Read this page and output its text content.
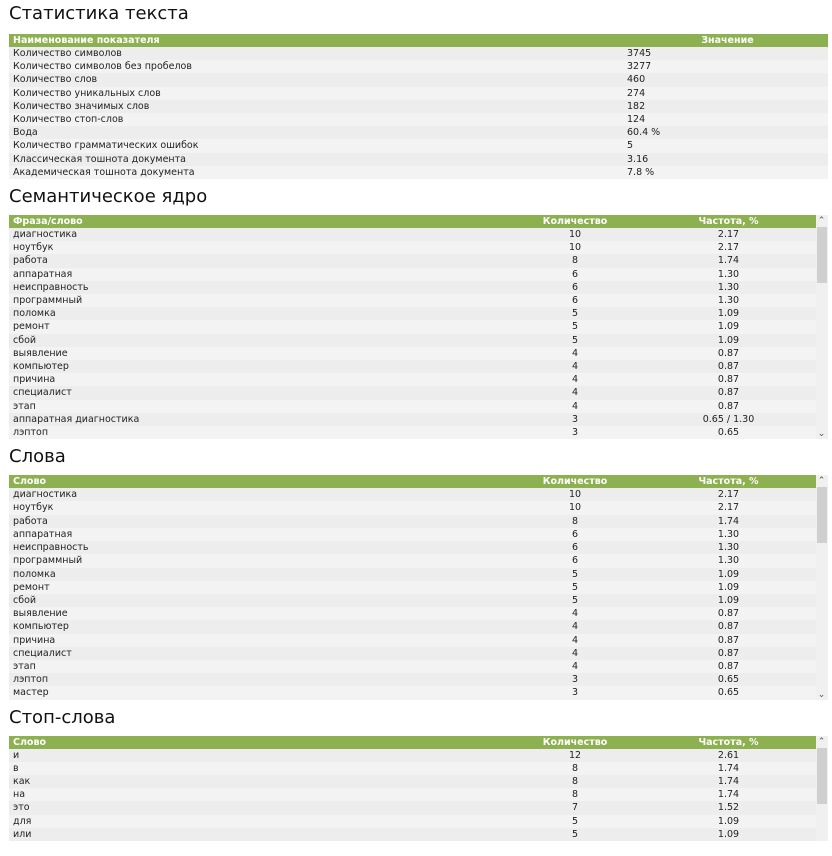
Статистика текста
Наименование показателя	Значение
Количество символов	3745
Количество символов без пробелов	3277
Количество слов	460
Количество уникальных слов	274
Количество значимых слов	182
Количество стоп-слов	124
Вода	60.4 %
Количество грамматических ошибок	5
Классическая тошнота документа	3.16
Академическая тошнота документа	7.8 %
Семантическое ядро
Фраза/слово	Количество	Частота, %
диагностика	10	2.17
ноутбук	10	2.17
работа	8	1.74
аппаратная	6	1.30
неисправность	6	1.30
программный	6	1.30
поломка	5	1.09
ремонт	5	1.09
сбой	5	1.09
выявление	4	0.87
компьютер	4	0.87
причина	4	0.87
специалист	4	0.87
этап	4	0.87
аппаратная диагностика	3	0.65 / 1.30
лэптоп	3	0.65
⌃
⌄
Слова
Слово	Количество	Частота, %
диагностика	10	2.17
ноутбук	10	2.17
работа	8	1.74
аппаратная	6	1.30
неисправность	6	1.30
программный	6	1.30
поломка	5	1.09
ремонт	5	1.09
сбой	5	1.09
выявление	4	0.87
компьютер	4	0.87
причина	4	0.87
специалист	4	0.87
этап	4	0.87
лэптоп	3	0.65
мастер	3	0.65
⌃
⌄
Стоп-слова
Слово	Количество	Частота, %
и	12	2.61
в	8	1.74
как	8	1.74
на	8	1.74
это	7	1.52
для	5	1.09
или	5	1.09
⌃
